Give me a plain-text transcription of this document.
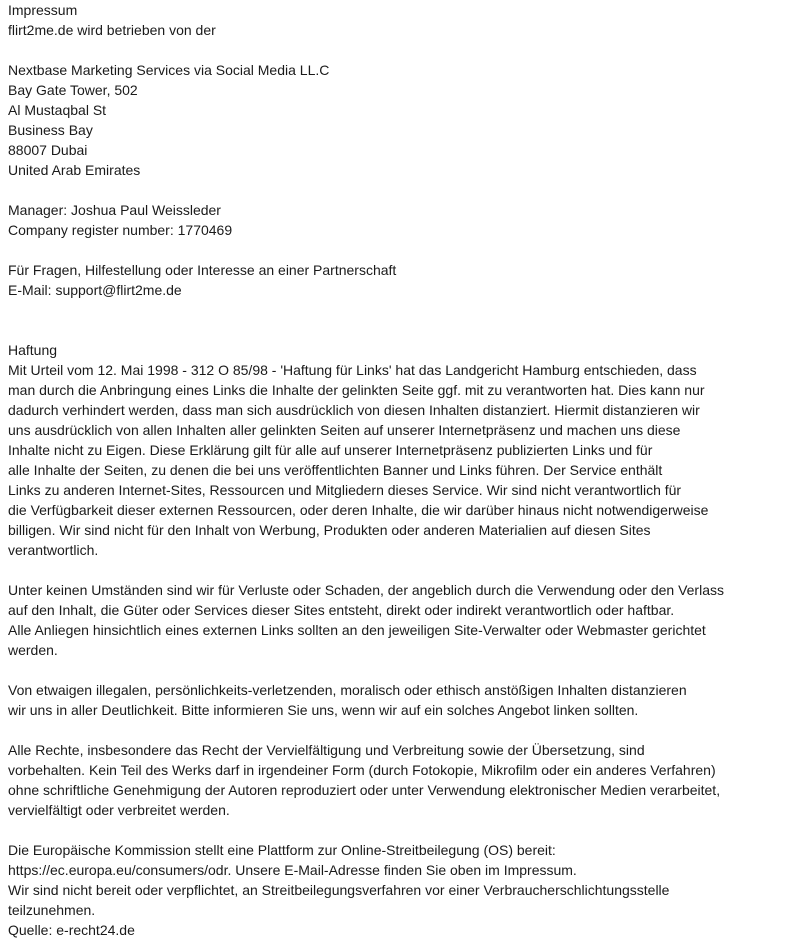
Impressum
flirt2me.de wird betrieben von der
Nextbase Marketing Services via Social Media LL.C
Bay Gate Tower, 502
Al Mustaqbal St
Business Bay
88007 Dubai
United Arab Emirates
Manager: Joshua Paul Weissleder
Company register number: 1770469
Für Fragen, Hilfestellung oder Interesse an einer Partnerschaft
E-Mail: support@flirt2me.de
Haftung
Mit Urteil vom 12. Mai 1998 - 312 O 85/98 - 'Haftung für Links' hat das Landgericht Hamburg entschieden, dass
man durch die Anbringung eines Links die Inhalte der gelinkten Seite ggf. mit zu verantworten hat. Dies kann nur
dadurch verhindert werden, dass man sich ausdrücklich von diesen Inhalten distanziert. Hiermit distanzieren wir
uns ausdrücklich von allen Inhalten aller gelinkten Seiten auf unserer Internetpräsenz und machen uns diese
Inhalte nicht zu Eigen. Diese Erklärung gilt für alle auf unserer Internetpräsenz publizierten Links und für
alle Inhalte der Seiten, zu denen die bei uns veröffentlichten Banner und Links führen. Der Service enthält
Links zu anderen Internet-Sites, Ressourcen und Mitgliedern dieses Service. Wir sind nicht verantwortlich für
die Verfügbarkeit dieser externen Ressourcen, oder deren Inhalte, die wir darüber hinaus nicht notwendigerweise
billigen. Wir sind nicht für den Inhalt von Werbung, Produkten oder anderen Materialien auf diesen Sites
verantwortlich.
Unter keinen Umständen sind wir für Verluste oder Schaden, der angeblich durch die Verwendung oder den Verlass
auf den Inhalt, die Güter oder Services dieser Sites entsteht, direkt oder indirekt verantwortlich oder haftbar.
Alle Anliegen hinsichtlich eines externen Links sollten an den jeweiligen Site-Verwalter oder Webmaster gerichtet
werden.
Von etwaigen illegalen, persönlichkeits-verletzenden, moralisch oder ethisch anstößigen Inhalten distanzieren
wir uns in aller Deutlichkeit. Bitte informieren Sie uns, wenn wir auf ein solches Angebot linken sollten.
Alle Rechte, insbesondere das Recht der Vervielfältigung und Verbreitung sowie der Übersetzung, sind
vorbehalten. Kein Teil des Werks darf in irgendeiner Form (durch Fotokopie, Mikrofilm oder ein anderes Verfahren)
ohne schriftliche Genehmigung der Autoren reproduziert oder unter Verwendung elektronischer Medien verarbeitet,
vervielfältigt oder verbreitet werden.
Die Europäische Kommission stellt eine Plattform zur Online-Streitbeilegung (OS) bereit:
https://ec.europa.eu/consumers/odr. Unsere E-Mail-Adresse finden Sie oben im Impressum.
Wir sind nicht bereit oder verpflichtet, an Streitbeilegungsverfahren vor einer Verbraucherschlichtungsstelle
teilzunehmen.
Quelle: e-recht24.de
